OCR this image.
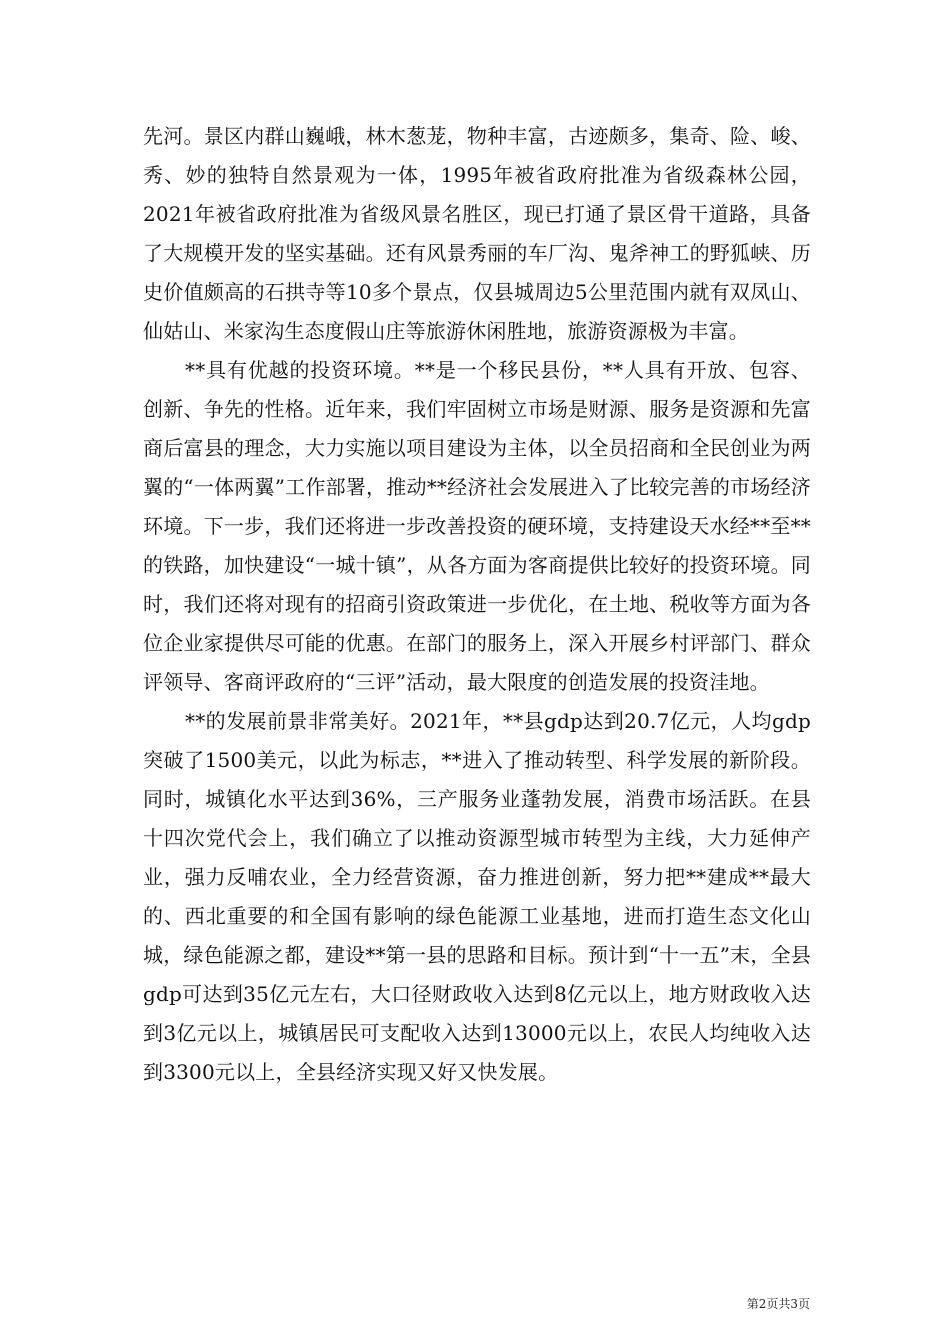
先河。景区内群山巍峨，林木葱茏，物种丰富，古迹颇多，集奇、险、峻、秀、妙的独特自然景观为一体，1995年被省政府批准为省级森林公园，2021年被省政府批准为省级风景名胜区，现已打通了景区骨干道路，具备了大规模开发的坚实基础。还有风景秀丽的车厂沟、鬼斧神工的野狐峡、历史价值颇高的石拱寺等10多个景点，仅县城周边5公里范围内就有双凤山、仙姑山、米家沟生态度假山庄等旅游休闲胜地，旅游资源极为丰富。

**具有优越的投资环境。**是一个移民县份，**人具有开放、包容、创新、争先的性格。近年来，我们牢固树立市场是财源、服务是资源和先富商后富县的理念，大力实施以项目建设为主体，以全员招商和全民创业为两翼的“一体两翼”工作部署，推动**经济社会发展进入了比较完善的市场经济环境。下一步，我们还将进一步改善投资的硬环境，支持建设天水经**至**的铁路，加快建设“一城十镇”，从各方面为客商提供比较好的投资环境。同时，我们还将对现有的招商引资政策进一步优化，在土地、税收等方面为各位企业家提供尽可能的优惠。在部门的服务上，深入开展乡村评部门、群众评领导、客商评政府的“三评”活动，最大限度的创造发展的投资洼地。

**的发展前景非常美好。2021年，**县gdp达到20.7亿元，人均gdp突破了1500美元，以此为标志，**进入了推动转型、科学发展的新阶段。同时，城镇化水平达到36%，三产服务业蓬勃发展，消费市场活跃。在县十四次党代会上，我们确立了以推动资源型城市转型为主线，大力延伸产业，强力反哺农业，全力经营资源，奋力推进创新，努力把**建成**最大的、西北重要的和全国有影响的绿色能源工业基地，进而打造生态文化山城，绿色能源之都，建设**第一县的思路和目标。预计到“十一五”末，全县gdp可达到35亿元左右，大口径财政收入达到8亿元以上，地方财政收入达到3亿元以上，城镇居民可支配收入达到13000元以上，农民人均纯收入达到3300元以上，全县经济实现又好又快发展。

第2页共3页
